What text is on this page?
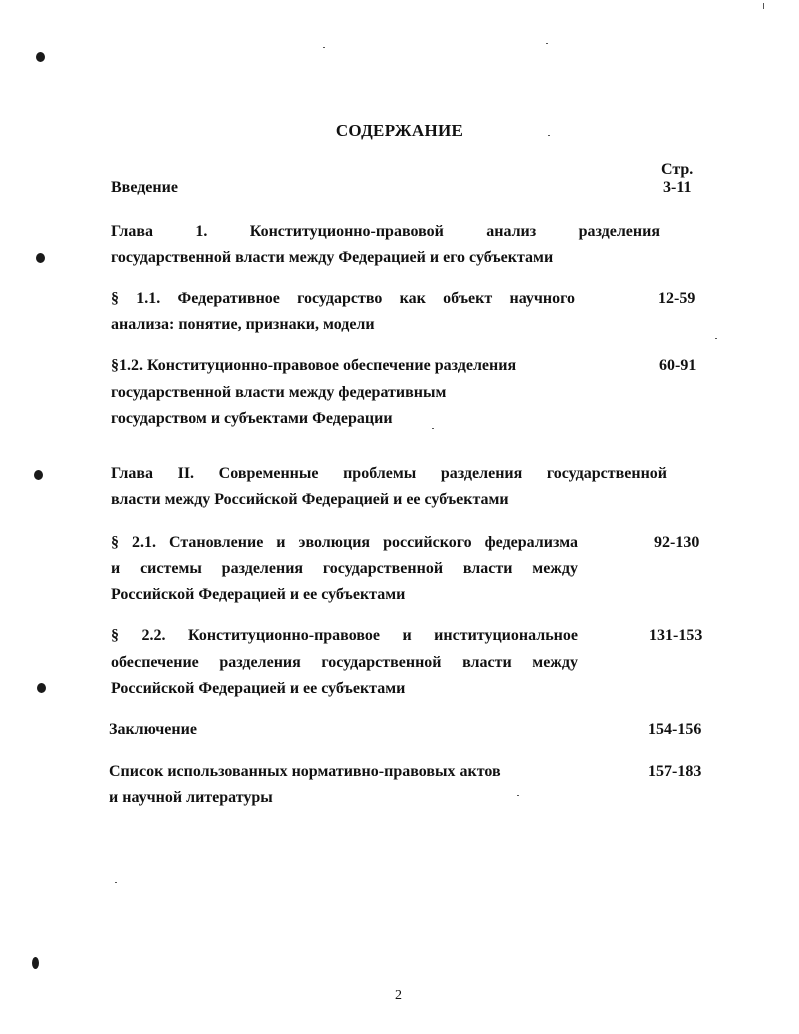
СОДЕРЖАНИЕ
Стр.
Введение	3-11
Глава 1. Конституционно-правовой анализ разделения
государственной власти между Федерацией и его субъектами
§ 1.1. Федеративное государство как объект научного
анализа: понятие, признаки, модели
12-59
§1.2. Конституционно-правовое обеспечение разделения
государственной власти между федеративным
государством и субъектами Федерации
60-91
Глава II. Современные проблемы разделения государственной
власти между Российской Федерацией и ее субъектами
§ 2.1. Становление и эволюция российского федерализма
и системы разделения государственной власти между
Российской Федерацией и ее субъектами
92-130
§ 2.2. Конституционно-правовое и институциональное
обеспечение разделения государственной власти между
Российской Федерацией и ее субъектами
131-153
Заключение	154-156
Список использованных нормативно-правовых актов
и научной литературы
157-183
2
